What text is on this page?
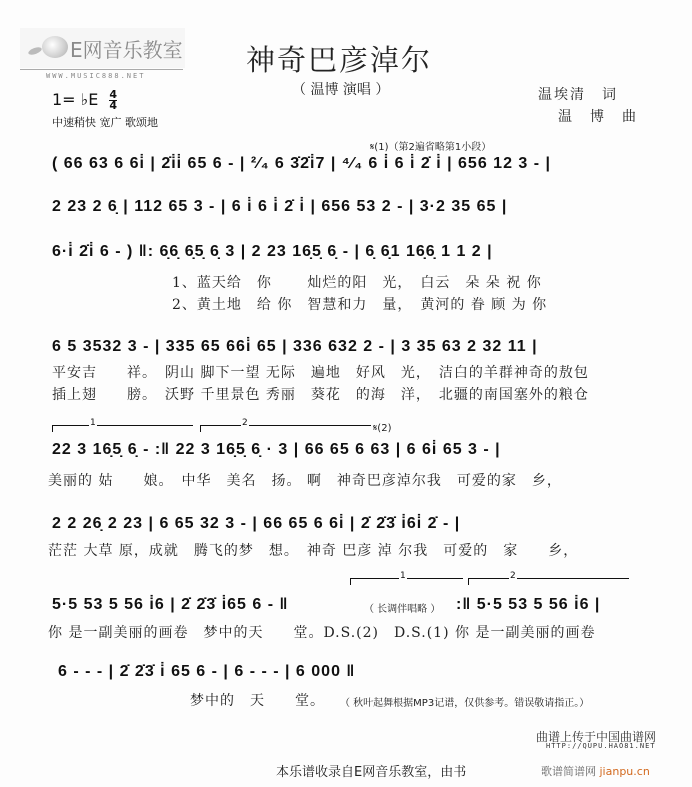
E网音乐教室
WWW.MUSIC888.NET	神奇巴彦淖尔
（ 温博 演唱 ）	温埃清　词
温　博　曲
1= ♭E $\frac{4}{4}$
中速稍快 宽广 歌颂地
𝄋(1)（第2遍省略第1小段）
( 66 63 6 6i̇ | 2̇i̇i̇ 65 6 - | ²⁄₄ 6 3̇2̇i̇7 | ⁴⁄₄ 6 i̇ 6 i̇ 2̇ i̇ | 656 12 3 - |
2 23 2 6̣ | 112 65 3 - | 6 i̇ 6 i̇ 2̇ i̇ | 656 53 2 - | 3·2 35 65 |
6·i̇ 2̇i̇ 6 - ) ‖: 6̣6̣ 6̣5̣ 6̣ 3 | 2 23 16̣5̣ 6̣ - | 6̣ 6̣1 16̣6̣ 1 1 2 |
1、蓝天给　你　　 灿烂的阳　光，　白云　朵 朵 祝 你
2、黄土地　给 你　智慧和力　量，　黄河的 眷 顾 为 你
6 5 3532 3 - | 335 65 66i̇ 65 | 336 632 2 - | 3 35 63 2 32 11 |
平安吉　　祥。　阴山 脚下一望 无际　遍地　好风　光，　洁白的羊群神奇的敖包
插上翅　　膀。　沃野 千里景色 秀丽　葵花　的海　洋，　北疆的南国塞外的粮仓
1	2	𝄋(2)
22 3 16̣5̣ 6̣ - :‖ 22 3 16̣5̣ 6̣ · 3 | 66 65 6 63 | 6 6i̇ 65 3 - |
美丽的 姑　　娘。　中华　美名　扬。 啊　神奇巴彦淖尔我　可爱的家　乡，
2 2 26̣ 2 23 | 6 65 32 3 - | 66 65 6 6i̇ | 2̇ 2̇3̇ i̇6i̇ 2̇ - |
茫茫 大草 原，成就　腾飞的梦　想。　神奇 巴彦 淖 尔我　可爱的　家　　乡，
1	2
5·5 53 5 56 i̇6 | 2̇ 2̇3̇ i̇65 6 - ‖	（ 长调伴唱略 ） :‖ 5·5 53 5 56 i̇6 |
你 是一副美丽的画卷　梦中的天　　堂。D.S.(2)　D.S.(1) 你 是一副美丽的画卷
6 - - - | 2̇ 2̇3̇ i̇ 65 6 - | 6 - - - | 6 000 ‖
梦中的　天　　堂。 （ 秋叶起舞根据MP3记谱，仅供参考。错误敬请指正。）
本乐谱收录自E网音乐教室，由书
曲谱上传于中国曲谱网
HTTP://QUPU.HAO81.NET
歌谱简谱网 jianpu.cn
